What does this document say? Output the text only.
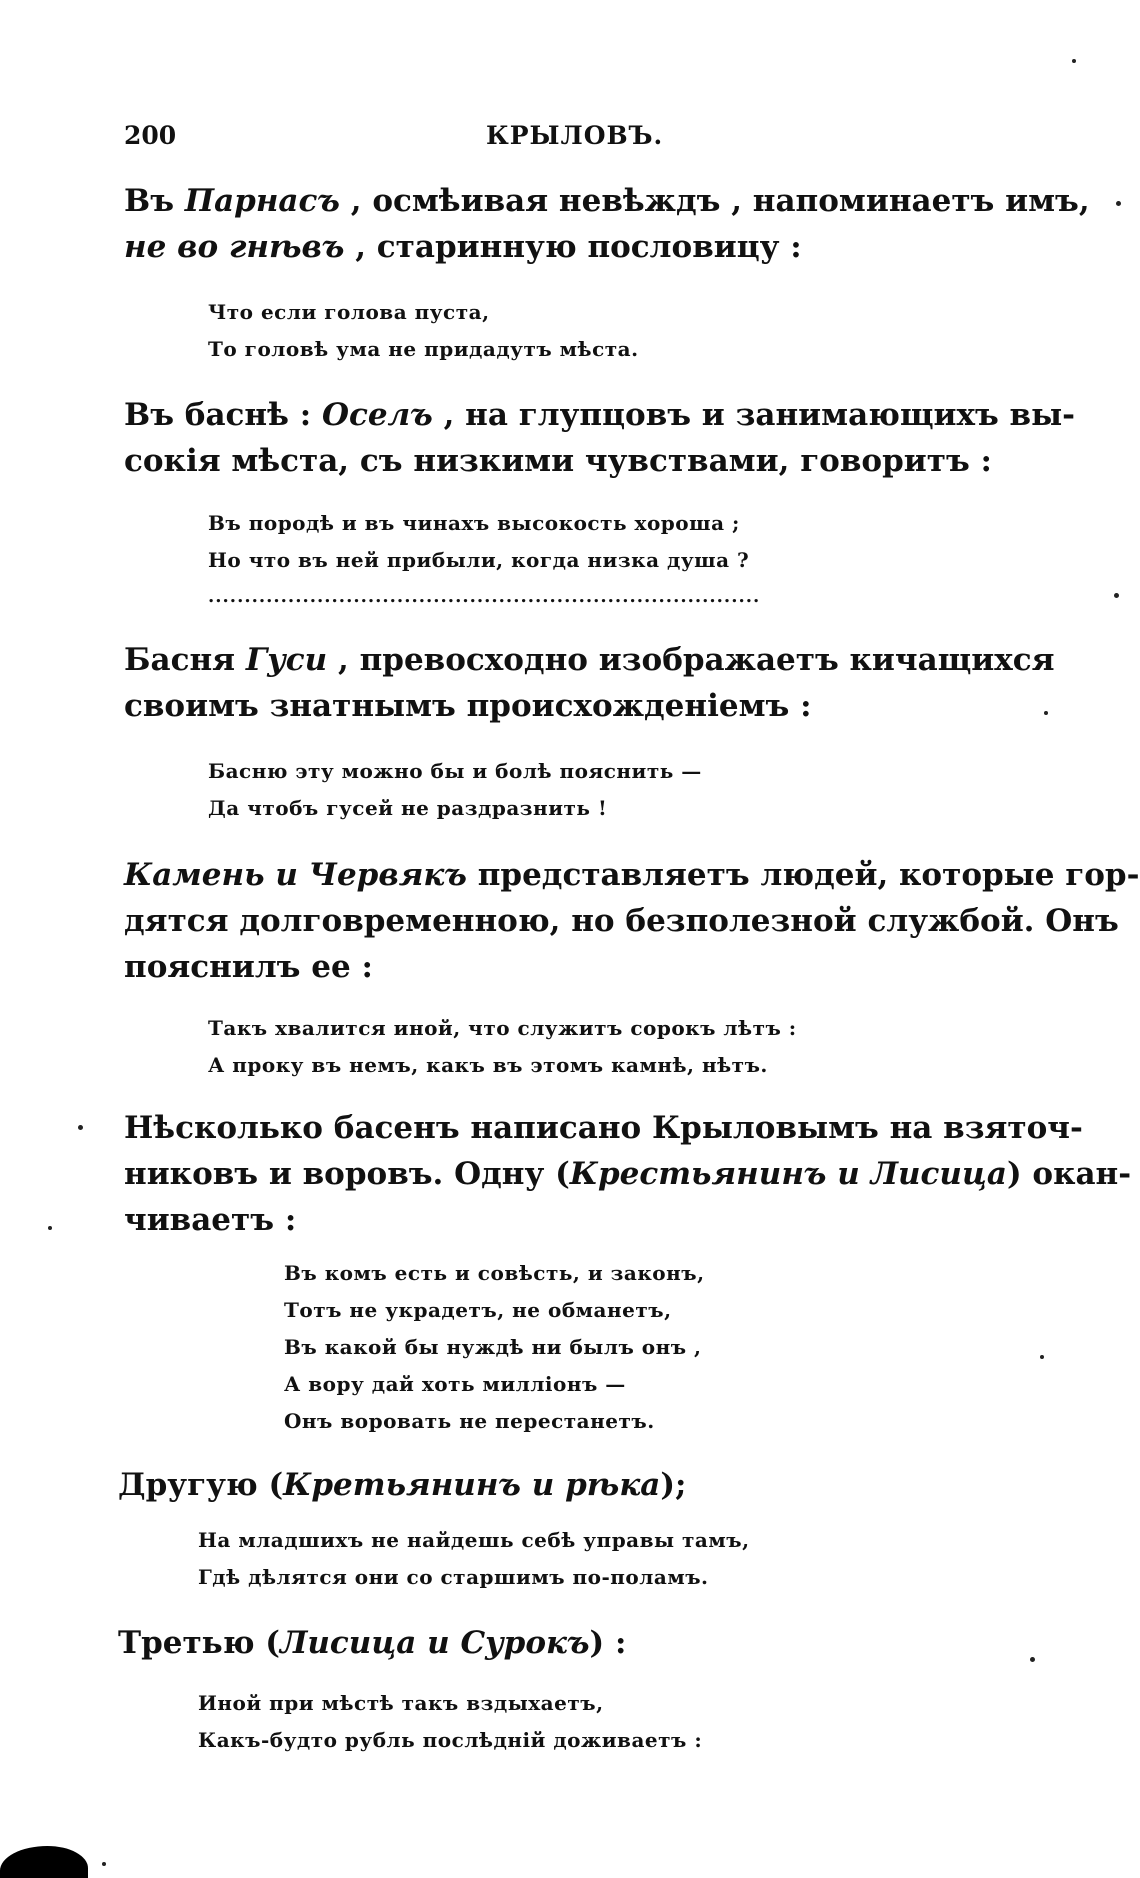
200	КРЫЛОВЪ.
Въ Парнасъ , осмѣивая невѣждъ , напоминаетъ имъ,
не во гнѣвъ , старинную пословицу :
Что если голова пуста,
То головѣ ума не придадутъ мѣста.
Въ баснѣ : Оселъ , на глупцовъ и занимающихъ вы-
сокія мѣста, съ низкими чувствами, говоритъ :
Въ породѣ и въ чинахъ высокость хороша ;
Но что въ ней прибыли, когда низка душа ?
............................................................................
Басня Гуси , превосходно изображаетъ кичащихся
своимъ знатнымъ происхожденіемъ :
Басню эту можно бы и болѣ пояснить —
Да чтобъ гусей не раздразнить !
Камень и Червякъ представляетъ людей, которые гор-
дятся долговременною, но безполезной службой. Онъ
пояснилъ ее :
Такъ хвалится иной, что служитъ сорокъ лѣтъ :
А проку въ немъ, какъ въ этомъ камнѣ, нѣтъ.
Нѣсколько басенъ написано Крыловымъ на взяточ-
никовъ и воровъ. Одну (Крестьянинъ и Лисица) окан-
чиваетъ :
Въ комъ есть и совѣсть, и законъ,
Тотъ не украдетъ, не обманетъ,
Въ какой бы нуждѣ ни былъ онъ ,
А вору дай хоть милліонъ —
Онъ воровать не перестанетъ.
Другую (Кретьянинъ и рѣка);
На младшихъ не найдешь себѣ управы тамъ,
Гдѣ дѣлятся они со старшимъ по-поламъ.
Третью (Лисица и Сурокъ) :
Иной при мѣстѣ такъ вздыхаетъ,
Какъ-будто рубль послѣдній доживаетъ :
